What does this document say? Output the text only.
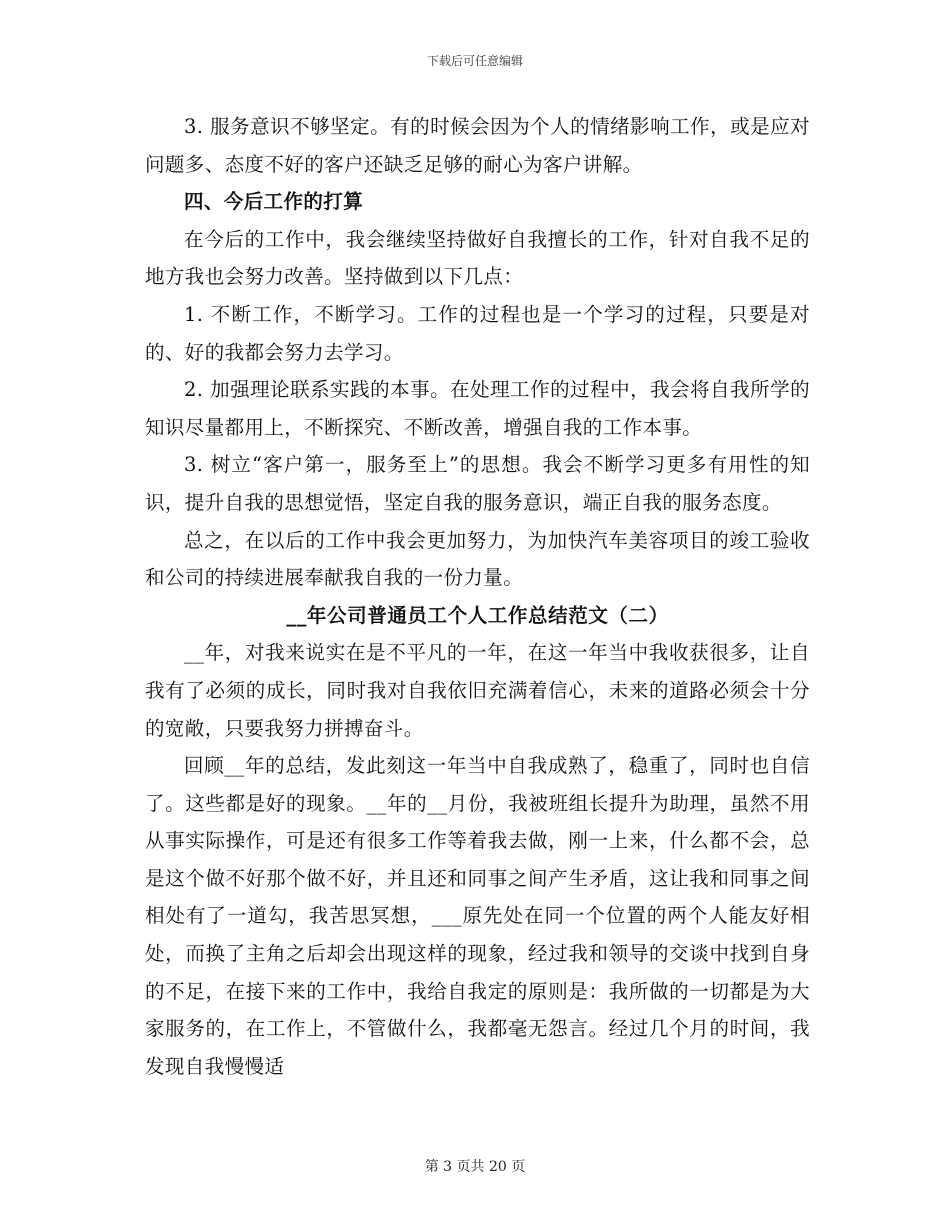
下载后可任意编辑

3. 服务意识不够坚定。有的时候会因为个人的情绪影响工作，或是应对问题多、态度不好的客户还缺乏足够的耐心为客户讲解。

四、今后工作的打算

在今后的工作中，我会继续坚持做好自我擅长的工作，针对自我不足的地方我也会努力改善。坚持做到以下几点：

1. 不断工作，不断学习。工作的过程也是一个学习的过程，只要是对的、好的我都会努力去学习。

2. 加强理论联系实践的本事。在处理工作的过程中，我会将自我所学的知识尽量都用上，不断探究、不断改善，增强自我的工作本事。

3. 树立“客户第一，服务至上”的思想。我会不断学习更多有用性的知识，提升自我的思想觉悟，坚定自我的服务意识，端正自我的服务态度。

总之，在以后的工作中我会更加努力，为加快汽车美容项目的竣工验收和公司的持续进展奉献我自我的一份力量。

__年公司普通员工个人工作总结范文（二）

__年，对我来说实在是不平凡的一年，在这一年当中我收获很多，让自我有了必须的成长，同时我对自我依旧充满着信心，未来的道路必须会十分的宽敞，只要我努力拼搏奋斗。

回顾__年的总结，发此刻这一年当中自我成熟了，稳重了，同时也自信了。这些都是好的现象。__年的__月份，我被班组长提升为助理，虽然不用从事实际操作，可是还有很多工作等着我去做，刚一上来，什么都不会，总是这个做不好那个做不好，并且还和同事之间产生矛盾，这让我和同事之间相处有了一道勾，我苦思冥想，___原先处在同一个位置的两个人能友好相处，而换了主角之后却会出现这样的现象，经过我和领导的交谈中找到自身的不足，在接下来的工作中，我给自我定的原则是：我所做的一切都是为大家服务的，在工作上，不管做什么，我都毫无怨言。经过几个月的时间，我发现自我慢慢适

第 3 页共 20 页
